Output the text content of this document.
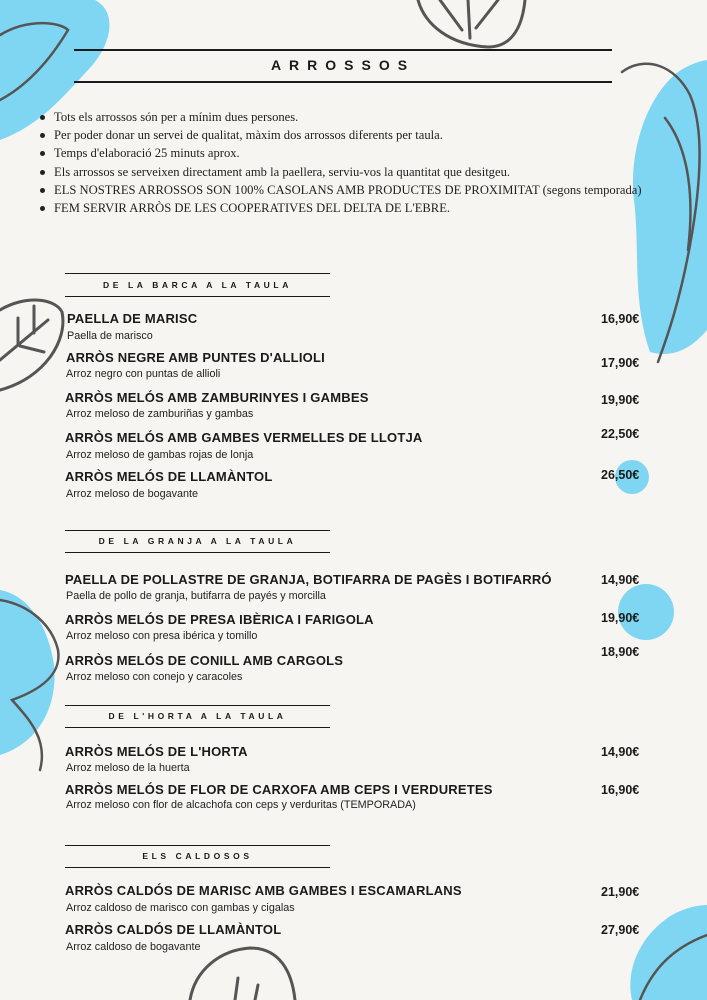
ARROSSOS
Tots els arrossos són per a mínim dues persones.
Per poder donar un servei de qualitat, màxim dos arrossos diferents per taula.
Temps d'elaboració 25 minuts aprox.
Els arrossos se serveixen directament amb la paellera, serviu-vos la quantitat que desitgeu.
ELS NOSTRES ARROSSOS SON 100% CASOLANS AMB PRODUCTES DE PROXIMITAT (segons temporada)
FEM SERVIR ARRÒS DE LES COOPERATIVES DEL DELTA DE L'EBRE.
DE LA BARCA A LA TAULA
PAELLA DE MARISC
Paella de marisco
16,90€
ARRÒS NEGRE AMB PUNTES D'ALLIOLI
Arroz negro con puntas de allioli
17,90€
ARRÒS MELÓS AMB ZAMBURINYES I GAMBES
Arroz meloso de zamburiñas y gambas
19,90€
ARRÒS MELÓS AMB GAMBES VERMELLES DE LLOTJA
Arroz meloso de gambas rojas de lonja
22,50€
ARRÒS MELÓS DE LLAMÀNTOL
Arroz meloso de bogavante
26,50€
DE LA GRANJA A LA TAULA
PAELLA DE POLLASTRE DE GRANJA, BOTIFARRA DE PAGÈS I BOTIFARRÓ
Paella de pollo de granja, butifarra de payés y morcilla
14,90€
ARRÒS MELÓS DE PRESA IBÈRICA I FARIGOLA
Arroz meloso con presa ibérica y tomillo
19,90€
ARRÒS MELÓS DE CONILL AMB CARGOLS
Arroz meloso con conejo y caracoles
18,90€
DE L'HORTA A LA TAULA
ARRÒS MELÓS DE L'HORTA
Arroz meloso de la huerta
14,90€
ARRÒS MELÓS DE FLOR DE CARXOFA AMB CEPS I VERDURETES
Arroz meloso con flor de alcachofa con ceps y verduritas (TEMPORADA)
16,90€
ELS CALDOSOS
ARRÒS CALDÓS DE MARISC AMB GAMBES I ESCAMARLANS
Arroz caldoso de marisco con gambas y cigalas
21,90€
ARRÒS CALDÓS DE LLAMÀNTOL
Arroz caldoso de bogavante
27,90€
